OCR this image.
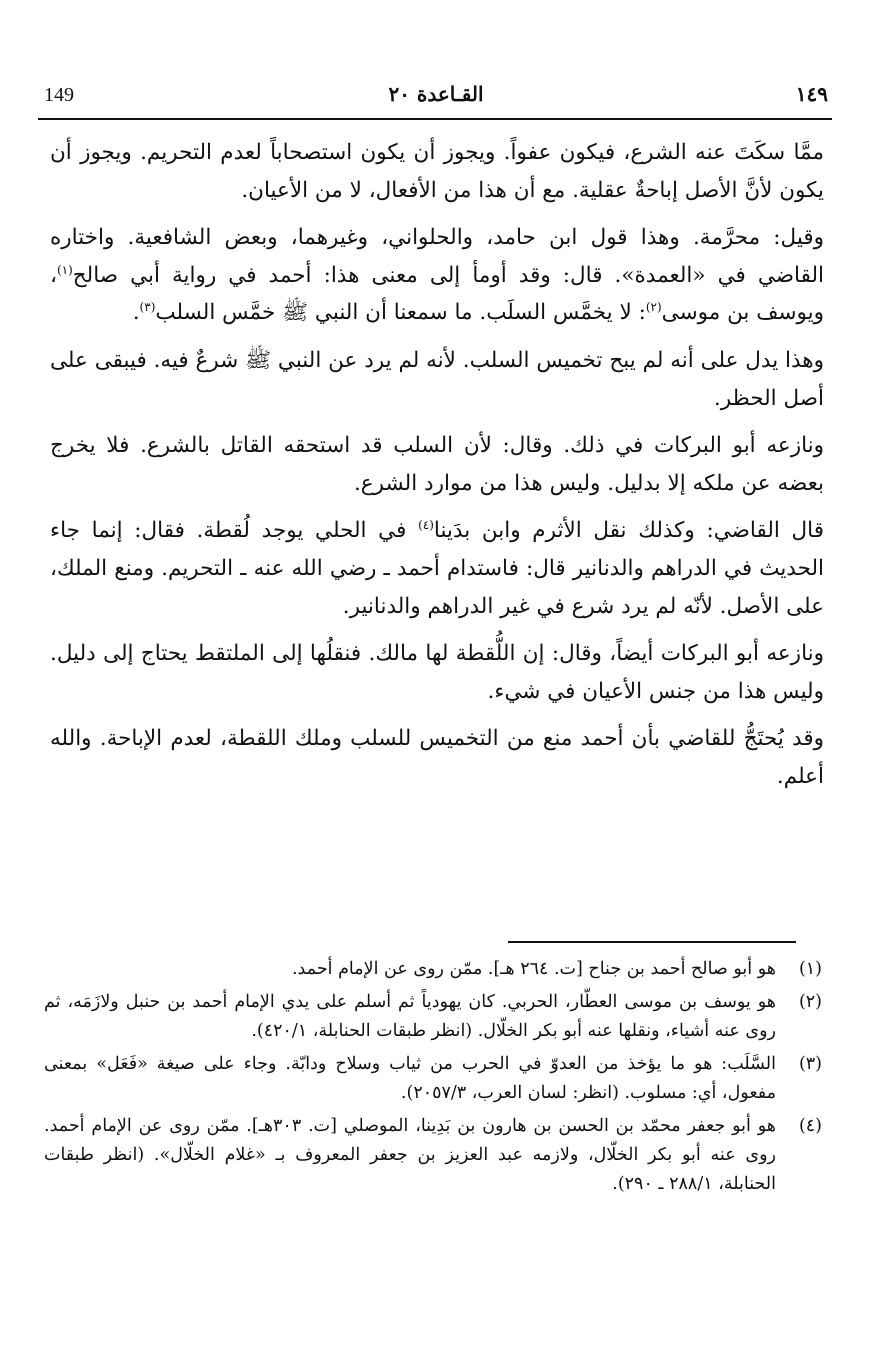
149	القـاعدة ٢٠	١٤٩

ممَّا سكَتَ عنه الشرع، فيكون عفواً. ويجوز أن يكون استصحاباً لعدم التحريم. ويجوز أن يكون لأنَّ الأصل إباحةٌ عقلية. مع أن هذا من الأفعال، لا من الأعيان.

وقيل: محرَّمة. وهذا قول ابن حامد، والحلواني، وغيرهما، وبعض الشافعية. واختاره القاضي في «العمدة». قال: وقد أومأ إلى معنى هذا: أحمد في رواية أبي صالح$^{(١)}$، ويوسف بن موسى$^{(٢)}$: لا يخمَّس السلَب. ما سمعنا أن النبي ﷺ خمَّس السلب$^{(٣)}$.

وهذا يدل على أنه لم يبح تخميس السلب. لأنه لم يرد عن النبي ﷺ شرعٌ فيه. فيبقى على أصل الحظر.

ونازعه أبو البركات في ذلك. وقال: لأن السلب قد استحقه القاتل بالشرع. فلا يخرج بعضه عن ملكه إلا بدليل. وليس هذا من موارد الشرع.

قال القاضي: وكذلك نقل الأثرم وابن بدَينا$^{(٤)}$ في الحلي يوجد لُقطة. فقال: إنما جاء الحديث في الدراهم والدنانير قال: فاستدام أحمد ـ رضي الله عنه ـ التحريم. ومنع الملك، على الأصل. لأنّه لم يرد شرع في غير الدراهم والدنانير.

ونازعه أبو البركات أيضاً، وقال: إن اللُّقطة لها مالك. فنقلُها إلى الملتقط يحتاج إلى دليل. وليس هذا من جنس الأعيان في شيء.

وقد يُحتَجُّ للقاضي بأن أحمد منع من التخميس للسلب وملك اللقطة، لعدم الإباحة. والله أعلم.

(١)
هو أبو صالح أحمد بن جناح [ت. ٢٦٤ هـ]. ممّن روى عن الإمام أحمد.
(٢)
هو يوسف بن موسى العطّار، الحربي. كان يهودياً ثم أسلم على يدي الإمام أحمد بن حنبل ولازَمَه، ثم روى عنه أشياء، ونقلها عنه أبو بكر الخلّال. (انظر طبقات الحنابلة، ٤٢٠/١).
(٣)
السَّلَب: هو ما يؤخذ من العدوّ في الحرب من ثياب وسلاح ودابّة. وجاء على صيغة «فَعَل» بمعنى مفعول، أي: مسلوب. (انظر: لسان العرب، ٢٠٥٧/٣).
(٤)
هو أبو جعفر محمّد بن الحسن بن هارون بن بَدِينا، الموصلي [ت. ٣٠٣هـ]. ممّن روى عن الإمام أحمد. روى عنه أبو بكر الخلّال، ولازمه عبد العزيز بن جعفر المعروف بـ «غلام الخلّال». (انظر طبقات الحنابلة، ٢٨٨/١ ـ ٢٩٠).
